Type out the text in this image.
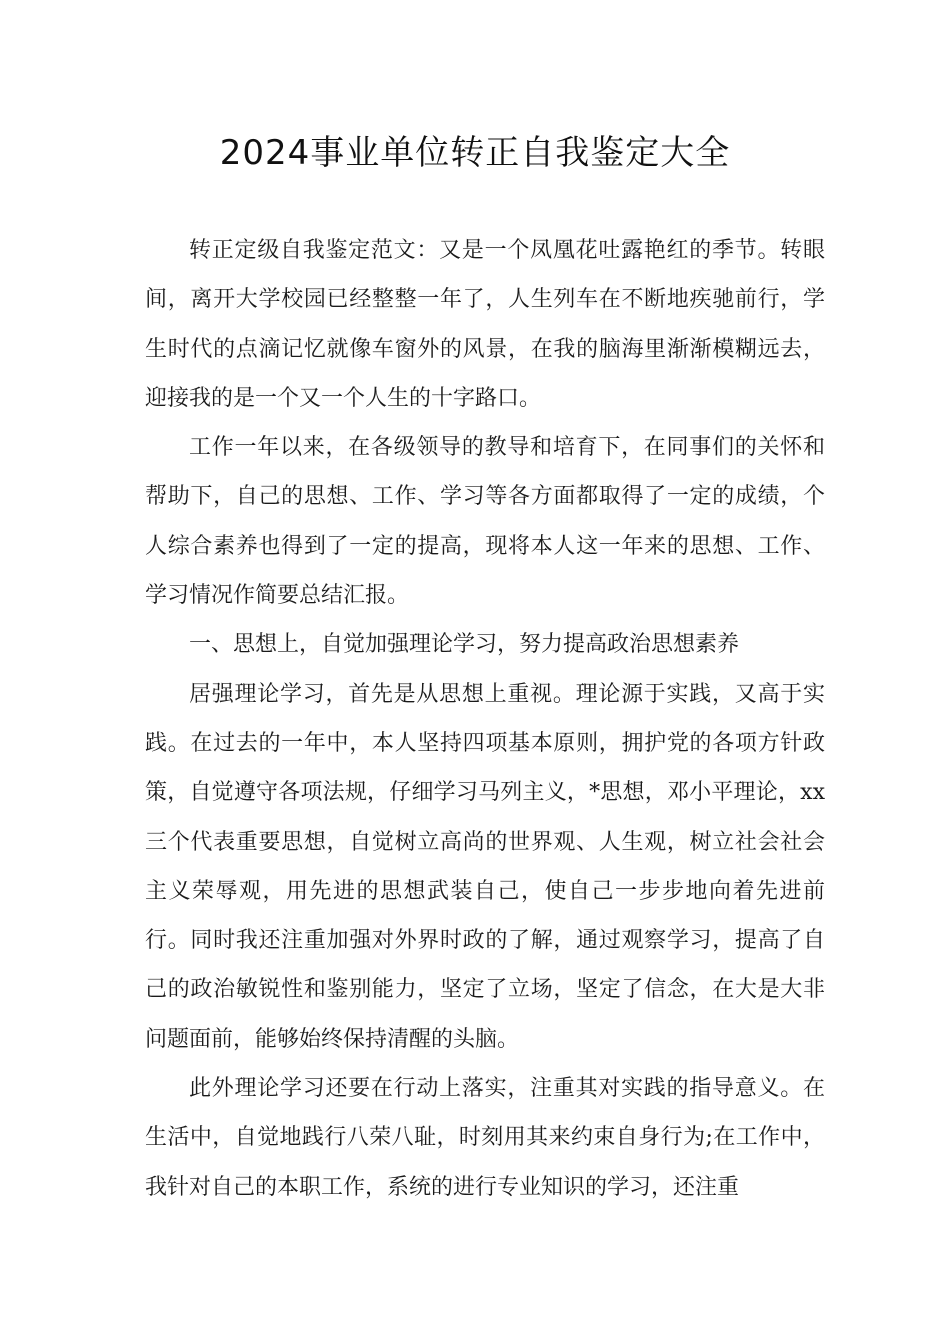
2024事业单位转正自我鉴定大全

转正定级自我鉴定范文：又是一个凤凰花吐露艳红的季节。转眼间，离开大学校园已经整整一年了，人生列车在不断地疾驰前行，学生时代的点滴记忆就像车窗外的风景，在我的脑海里渐渐模糊远去，迎接我的是一个又一个人生的十字路口。

工作一年以来，在各级领导的教导和培育下，在同事们的关怀和帮助下，自己的思想、工作、学习等各方面都取得了一定的成绩，个人综合素养也得到了一定的提高，现将本人这一年来的思想、工作、学习情况作简要总结汇报。

一、思想上，自觉加强理论学习，努力提高政治思想素养

居强理论学习，首先是从思想上重视。理论源于实践，又高于实践。在过去的一年中，本人坚持四项基本原则，拥护党的各项方针政策，自觉遵守各项法规，仔细学习马列主义，*思想，邓小平理论，xx三个代表重要思想，自觉树立高尚的世界观、人生观，树立社会社会主义荣辱观，用先进的思想武装自己，使自己一步步地向着先进前行。同时我还注重加强对外界时政的了解，通过观察学习，提高了自己的政治敏锐性和鉴别能力，坚定了立场，坚定了信念，在大是大非问题面前，能够始终保持清醒的头脑。

此外理论学习还要在行动上落实，注重其对实践的指导意义。在生活中，自觉地践行八荣八耻，时刻用其来约束自身行为;在工作中，我针对自己的本职工作，系统的进行专业知识的学习，还注重
